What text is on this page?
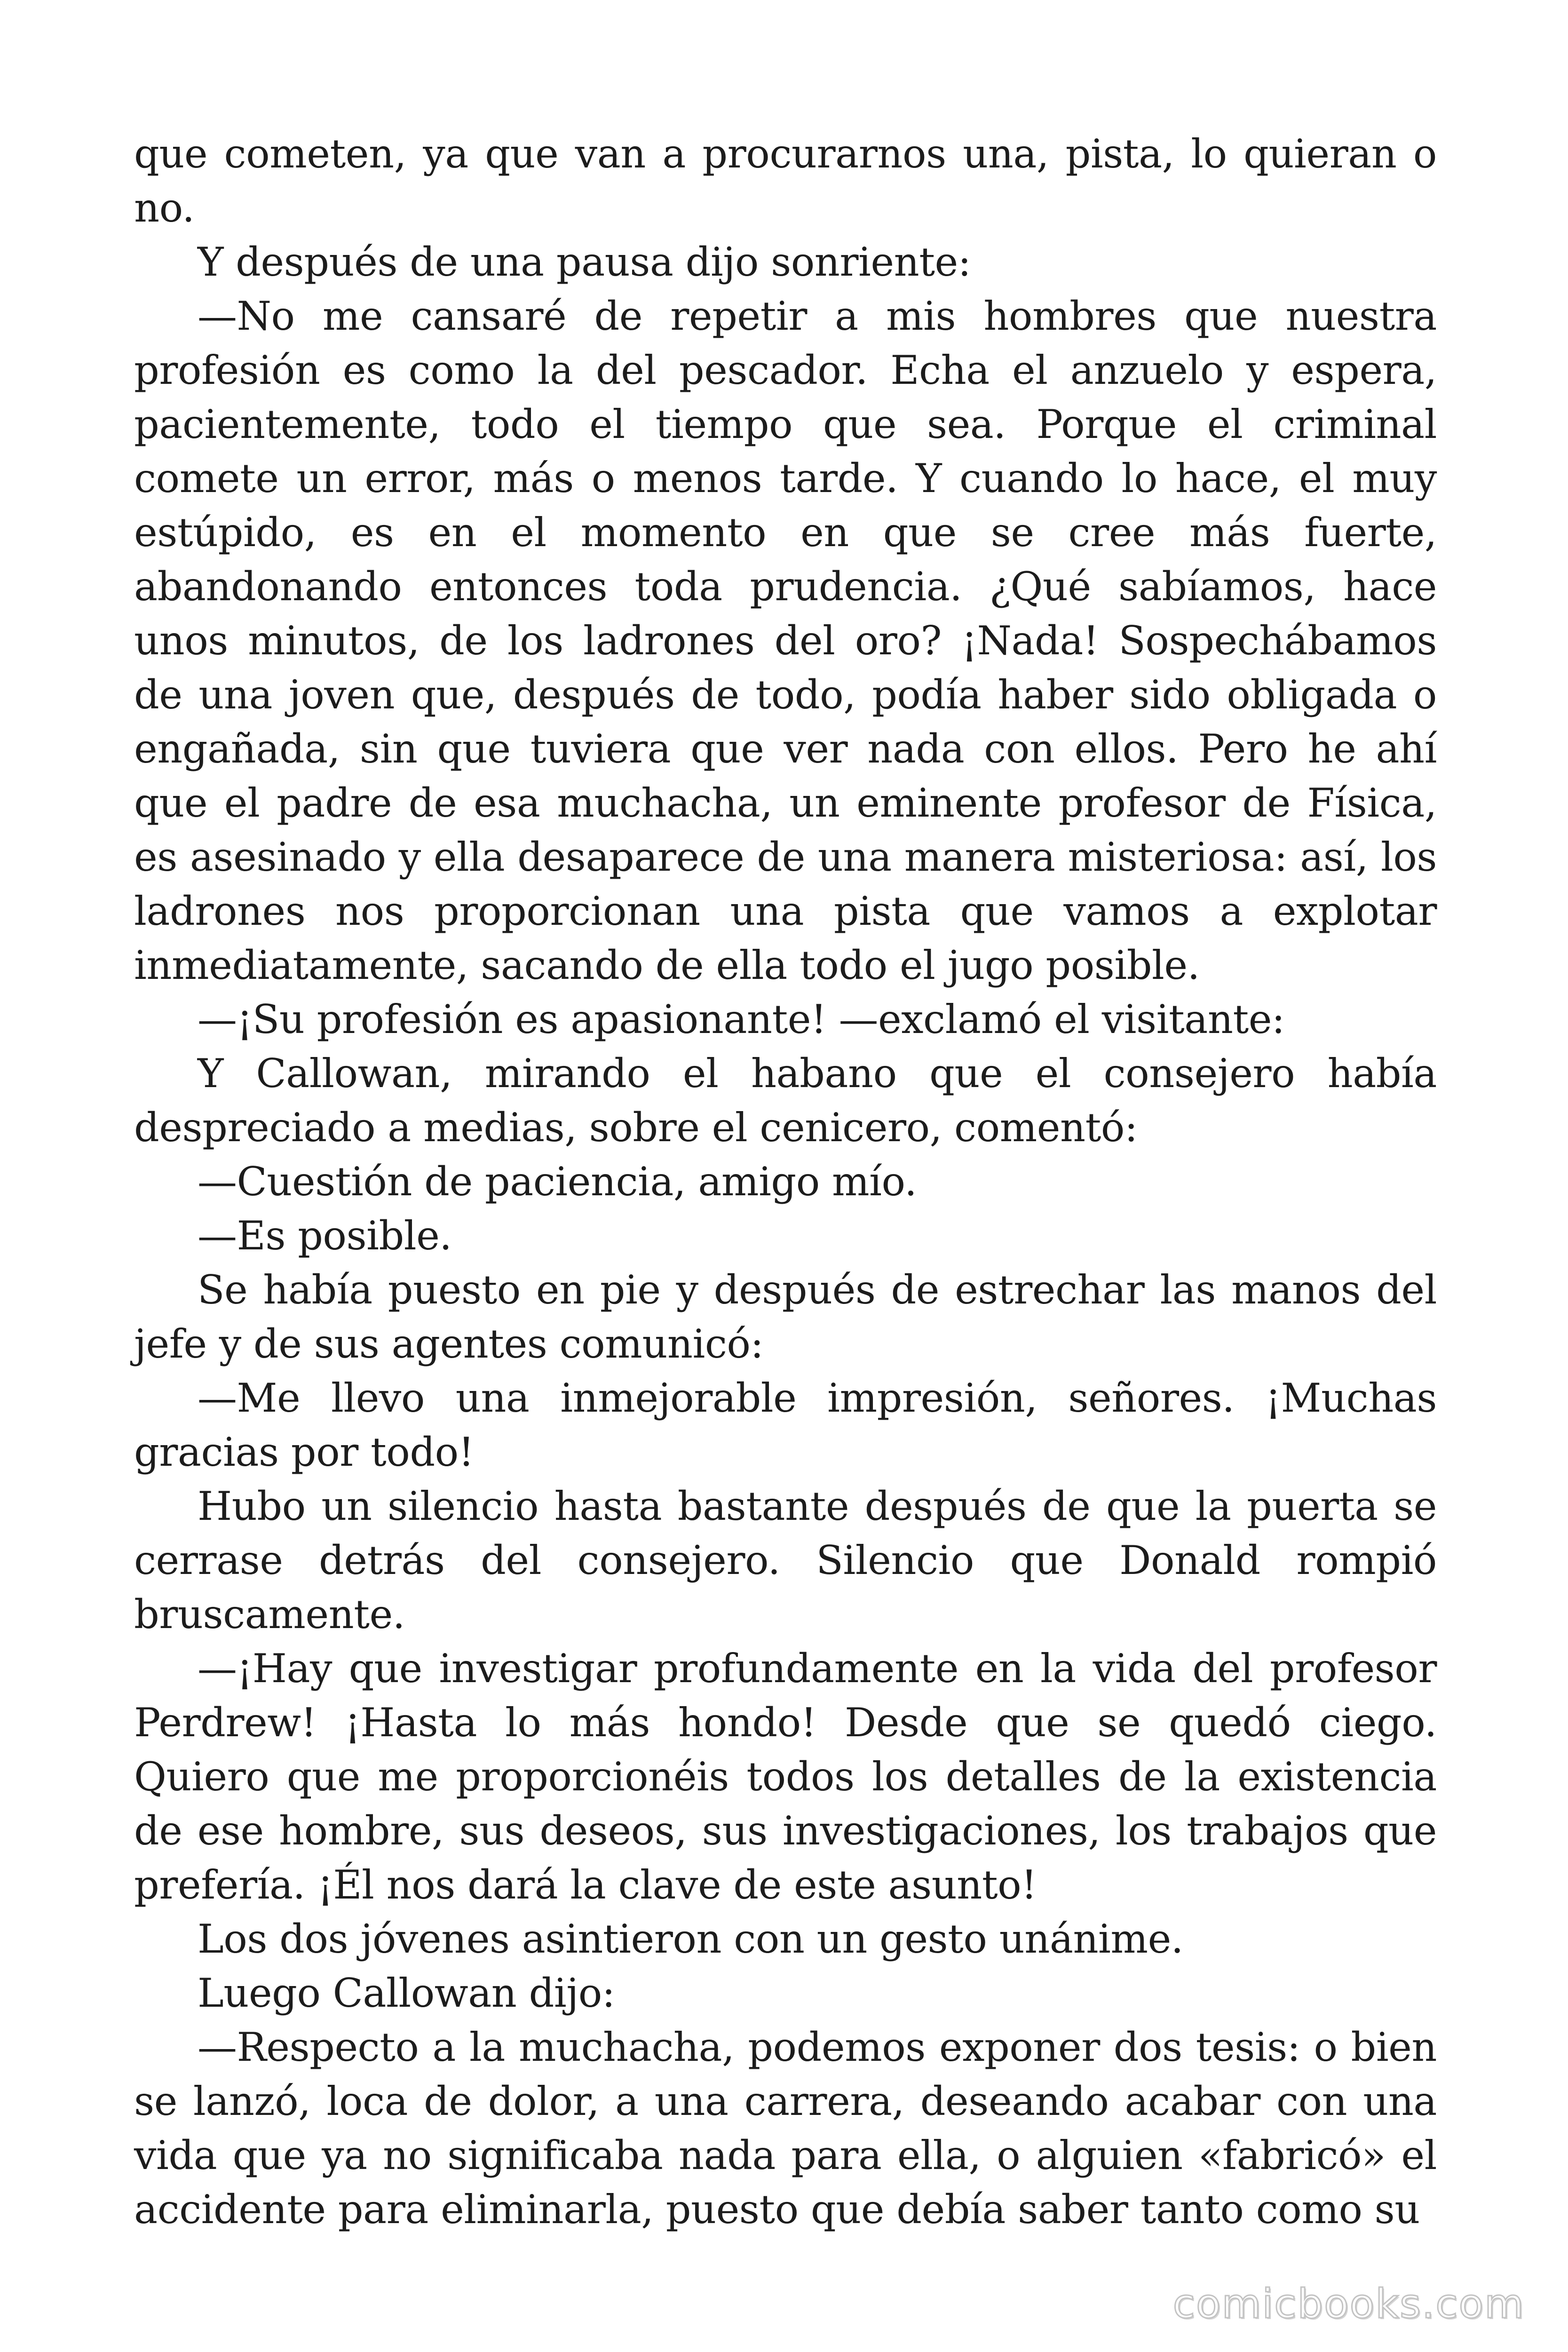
que cometen, ya que van a procurarnos una, pista, lo quieran o no.

Y después de una pausa dijo sonriente:

—No me cansaré de repetir a mis hombres que nuestra profesión es como la del pescador. Echa el anzuelo y espera, pacientemente, todo el tiempo que sea. Porque el criminal comete un error, más o menos tarde. Y cuando lo hace, el muy estúpido, es en el momento en que se cree más fuerte, abandonando entonces toda prudencia. ¿Qué sabíamos, hace unos minutos, de los ladrones del oro? ¡Nada! Sospechábamos de una joven que, después de todo, podía haber sido obligada o engañada, sin que tuviera que ver nada con ellos. Pero he ahí que el padre de esa muchacha, un eminente profesor de Física, es asesinado y ella desaparece de una manera misteriosa: así, los ladrones nos proporcionan una pista que vamos a explotar inmediatamente, sacando de ella todo el jugo posible.

—¡Su profesión es apasionante! —exclamó el visitante:

Y Callowan, mirando el habano que el consejero había despreciado a medias, sobre el cenicero, comentó:

—Cuestión de paciencia, amigo mío.

—Es posible.

Se había puesto en pie y después de estrechar las manos del jefe y de sus agentes comunicó:

—Me llevo una inmejorable impresión, señores. ¡Muchas gracias por todo!

Hubo un silencio hasta bastante después de que la puerta se cerrase detrás del consejero. Silencio que Donald rompió bruscamente.

—¡Hay que investigar profundamente en la vida del profesor Perdrew! ¡Hasta lo más hondo! Desde que se quedó ciego. Quiero que me proporcionéis todos los detalles de la existencia de ese hombre, sus deseos, sus investigaciones, los trabajos que prefería. ¡Él nos dará la clave de este asunto!

Los dos jóvenes asintieron con un gesto unánime.

Luego Callowan dijo:

—Respecto a la muchacha, podemos exponer dos tesis: o bien se lanzó, loca de dolor, a una carrera, deseando acabar con una vida que ya no significaba nada para ella, o alguien «fabricó» el accidente para eliminarla, puesto que debía saber tanto como su

comicbooks.com
